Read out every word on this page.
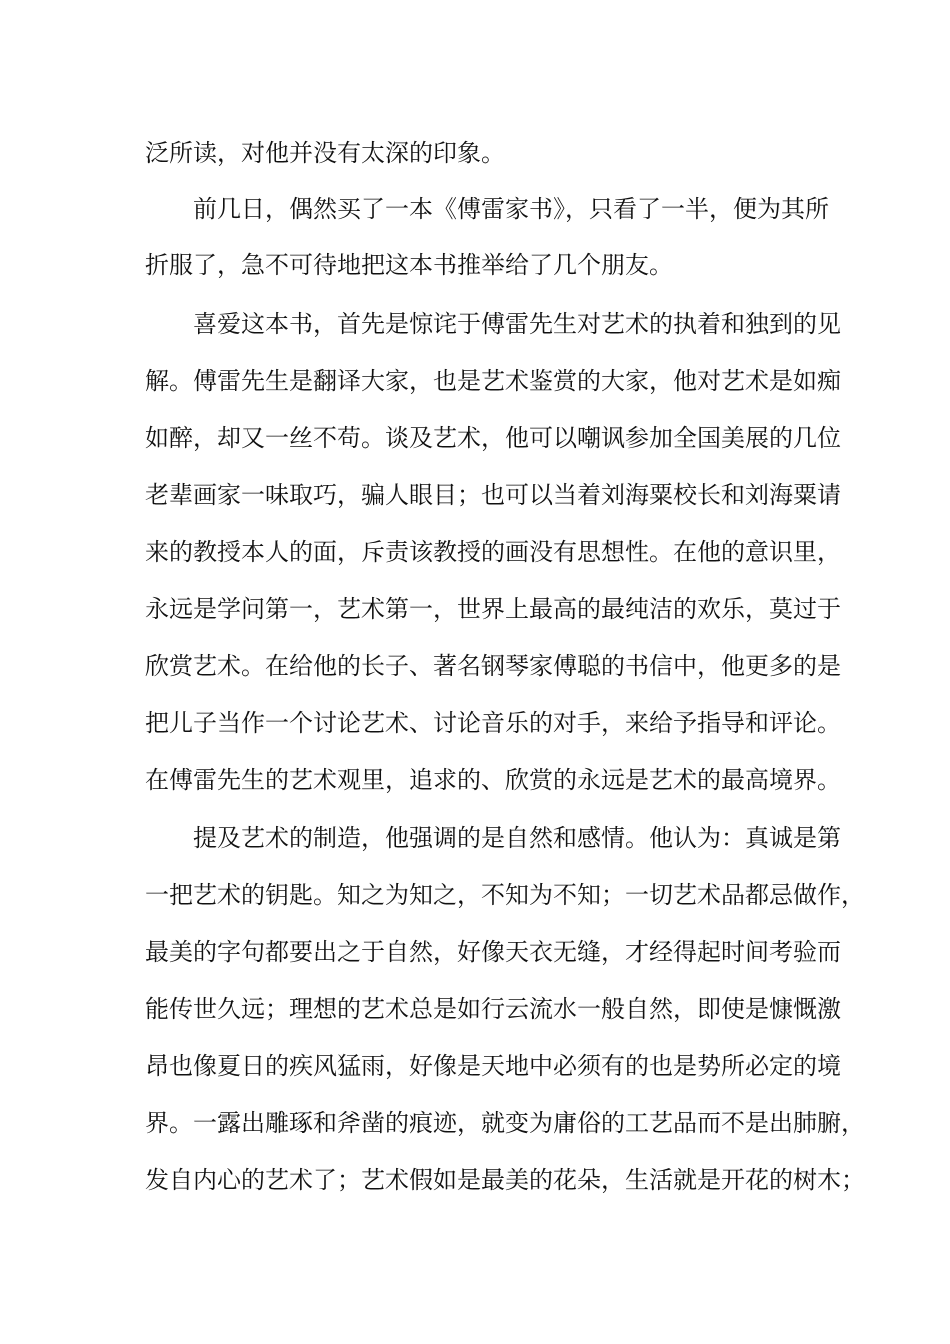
泛所读，对他并没有太深的印象。
前几日，偶然买了一本《傅雷家书》，只看了一半，便为其所
折服了，急不可待地把这本书推举给了几个朋友。
喜爱这本书，首先是惊诧于傅雷先生对艺术的执着和独到的见
解。傅雷先生是翻译大家，也是艺术鉴赏的大家，他对艺术是如痴
如醉，却又一丝不苟。谈及艺术，他可以嘲讽参加全国美展的几位
老辈画家一味取巧，骗人眼目；也可以当着刘海粟校长和刘海粟请
来的教授本人的面，斥责该教授的画没有思想性。在他的意识里，
永远是学问第一，艺术第一，世界上最高的最纯洁的欢乐，莫过于
欣赏艺术。在给他的长子、著名钢琴家傅聪的书信中，他更多的是
把儿子当作一个讨论艺术、讨论音乐的对手，来给予指导和评论。
在傅雷先生的艺术观里，追求的、欣赏的永远是艺术的最高境界。
提及艺术的制造，他强调的是自然和感情。他认为：真诚是第
一把艺术的钥匙。知之为知之，不知为不知；一切艺术品都忌做作，
最美的字句都要出之于自然，好像天衣无缝，才经得起时间考验而
能传世久远；理想的艺术总是如行云流水一般自然，即使是慷慨激
昂也像夏日的疾风猛雨，好像是天地中必须有的也是势所必定的境
界。一露出雕琢和斧凿的痕迹，就变为庸俗的工艺品而不是出肺腑，
发自内心的艺术了；艺术假如是最美的花朵，生活就是开花的树木；
